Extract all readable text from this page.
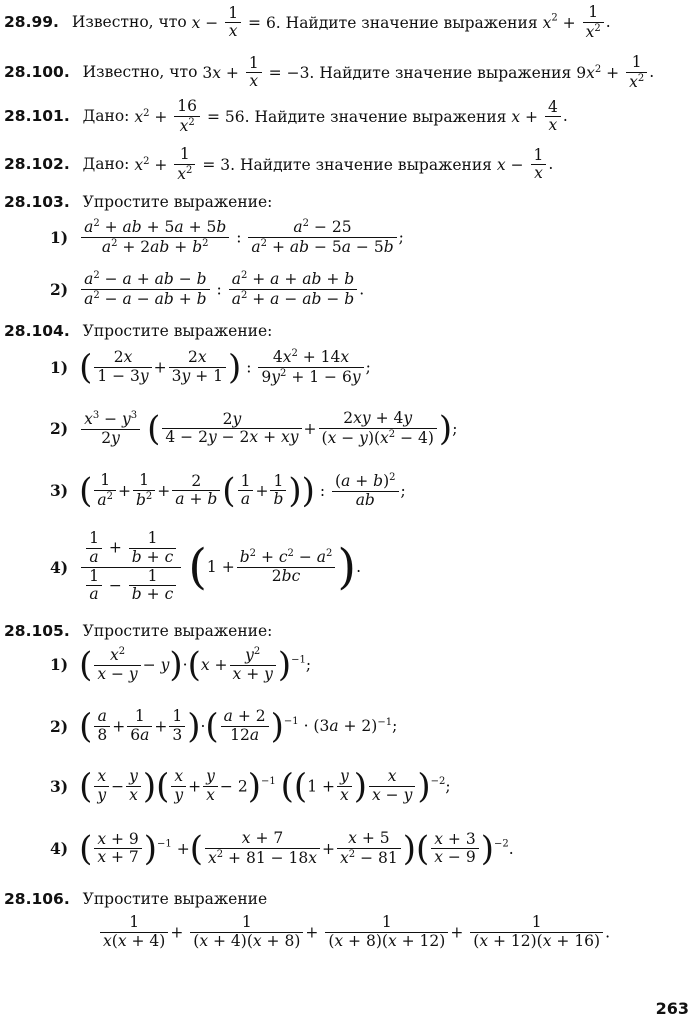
28.99. Известно, что $x - \frac{1}{x} = 6$. Найдите значение выражения $x^2 + \frac{1}{x^2}$ .
28.100. Известно, что $3x + \frac{1}{x} = -3$. Найдите значение выражения $9x^2 + \frac{1}{x^2}$ .
28.101. Дано: $x^2 + \frac{16}{x^2} = 56$. Найдите значение выражения $x + \frac{4}{x}$ .
28.102. Дано: $x^2 + \frac{1}{x^2} = 3$. Найдите значение выражения $x - \frac{1}{x}$ .
28.103. Упростите выражение:
$1) \frac{a^2 + ab + 5a + 5b}{a^2 + 2ab + b^2}$ : $\frac{a^2 - 25}{a^2 + ab - 5a - 5b}$ ;
$2) \frac{a^2 - a + ab - b}{a^2 - a - ab + b}$ : $\frac{a^2 + a + ab + b}{a^2 + a - ab - b}$ .
28.104. Упростите выражение:
1) ( $\frac{2x}{1 - 3y} + \frac{2x}{3y + 1}$ ) : $\frac{4x^2 + 14x}{9y^2 + 1 - 6y}$ ;
$2) \frac{x^3 - y^3}{2y}$ ( $\frac{2y}{4 - 2y - 2x + xy} + \frac{2xy + 4y}{(x - y)(x^2 - 4)}$ );
3) ( $\frac{1}{a^2} + \frac{1}{b^2} + \frac{2}{a + b}$ ( $\frac{1}{a} + \frac{1}{b}$ )) : $\frac{(a + b)^2}{ab}$ ;
$4) \frac{\frac{1}{a} + \frac{1}{b + c}}{\frac{1}{a} - \frac{1}{b + c}} (1 + \frac{b^2 + c^2 - a^2}{2bc}$ ).
28.105. Упростите выражение:
1) ( $\frac{x^2}{x - y} - y)\cdot(x + \frac{y^2}{x + y} )^{-1}$;
2) ( $\frac{a}{8} + \frac{1}{6a} + \frac{1}{3}$ )·( $\frac{a + 2}{12a} )^{-1} \cdot (3a + 2)^{-1}$;
3) ( $\frac{x}{y} - \frac{y}{x}$ )( $\frac{x}{y} + \frac{y}{x} - 2)^{-1}$ (($1 + \frac{y}{x}$ ) $\frac{x}{x - y} )^{-2}$;
4) ( $\frac{x + 9}{x + 7} )^{-1}$ +( $\frac{x + 7}{x^2 + 81 - 18x} + \frac{x + 5}{x^2 - 81}$ )( $\frac{x + 3}{x - 9} )^{-2}$.
28.106. Упростите выражение
$\frac{1}{x(x + 4)} + \frac{1}{(x + 4)(x + 8)} + \frac{1}{(x + 8)(x + 12)} + \frac{1}{(x + 12)(x + 16)}$ .
263
